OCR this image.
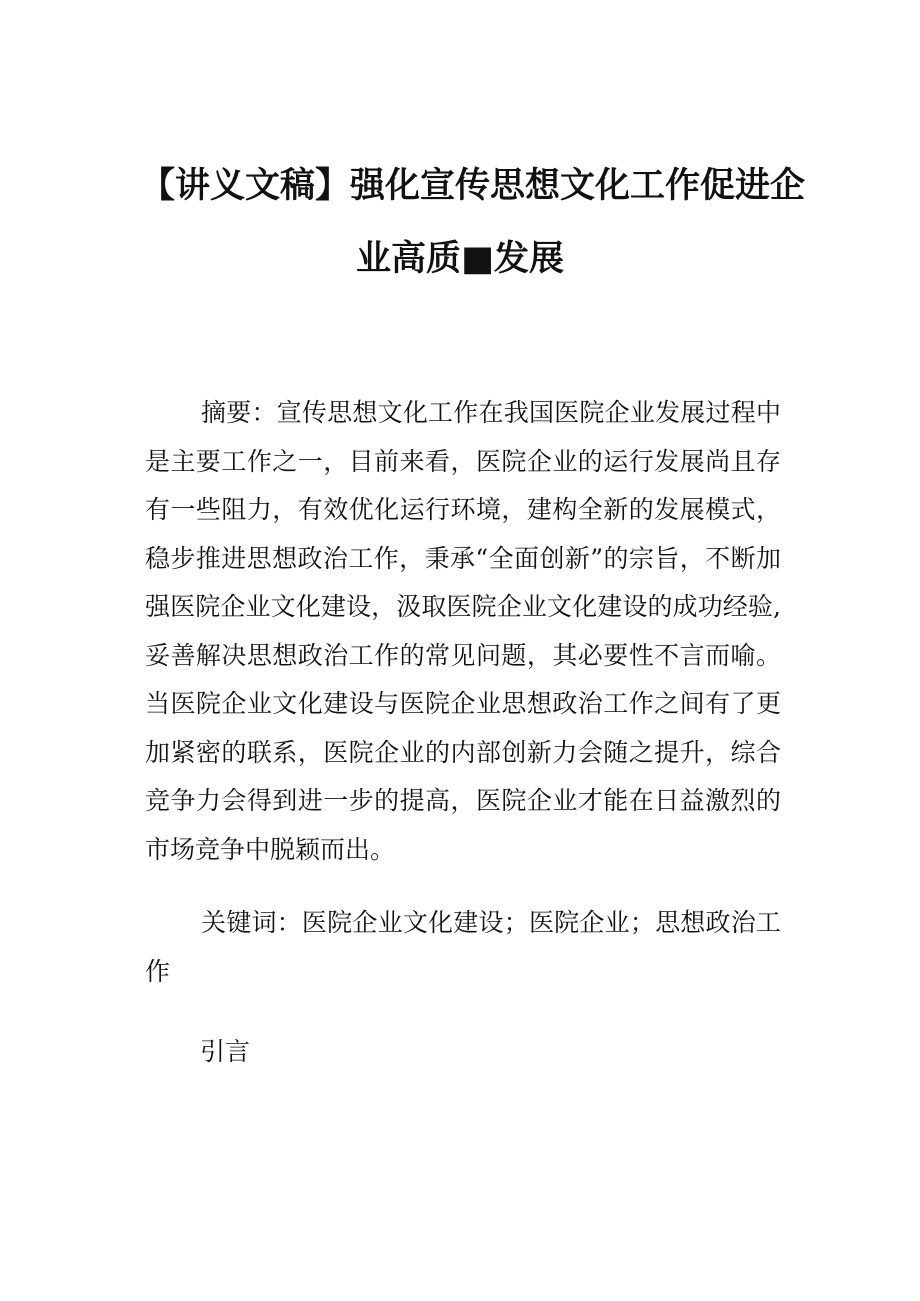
【讲义文稿】强化宣传思想文化工作促进企
业高质■发展

摘要：宣传思想文化工作在我国医院企业发展过程中是主要工作之一，目前来看，医院企业的运行发展尚且存有一些阻力，有效优化运行环境，建构全新的发展模式，稳步推进思想政治工作，秉承“全面创新”的宗旨，不断加强医院企业文化建设，汲取医院企业文化建设的成功经验,妥善解决思想政治工作的常见问题，其必要性不言而喻。当医院企业文化建设与医院企业思想政治工作之间有了更加紧密的联系，医院企业的内部创新力会随之提升，综合竞争力会得到进一步的提高，医院企业才能在日益激烈的市场竞争中脱颖而出。

关键词：医院企业文化建设；医院企业；思想政治工作

引言
